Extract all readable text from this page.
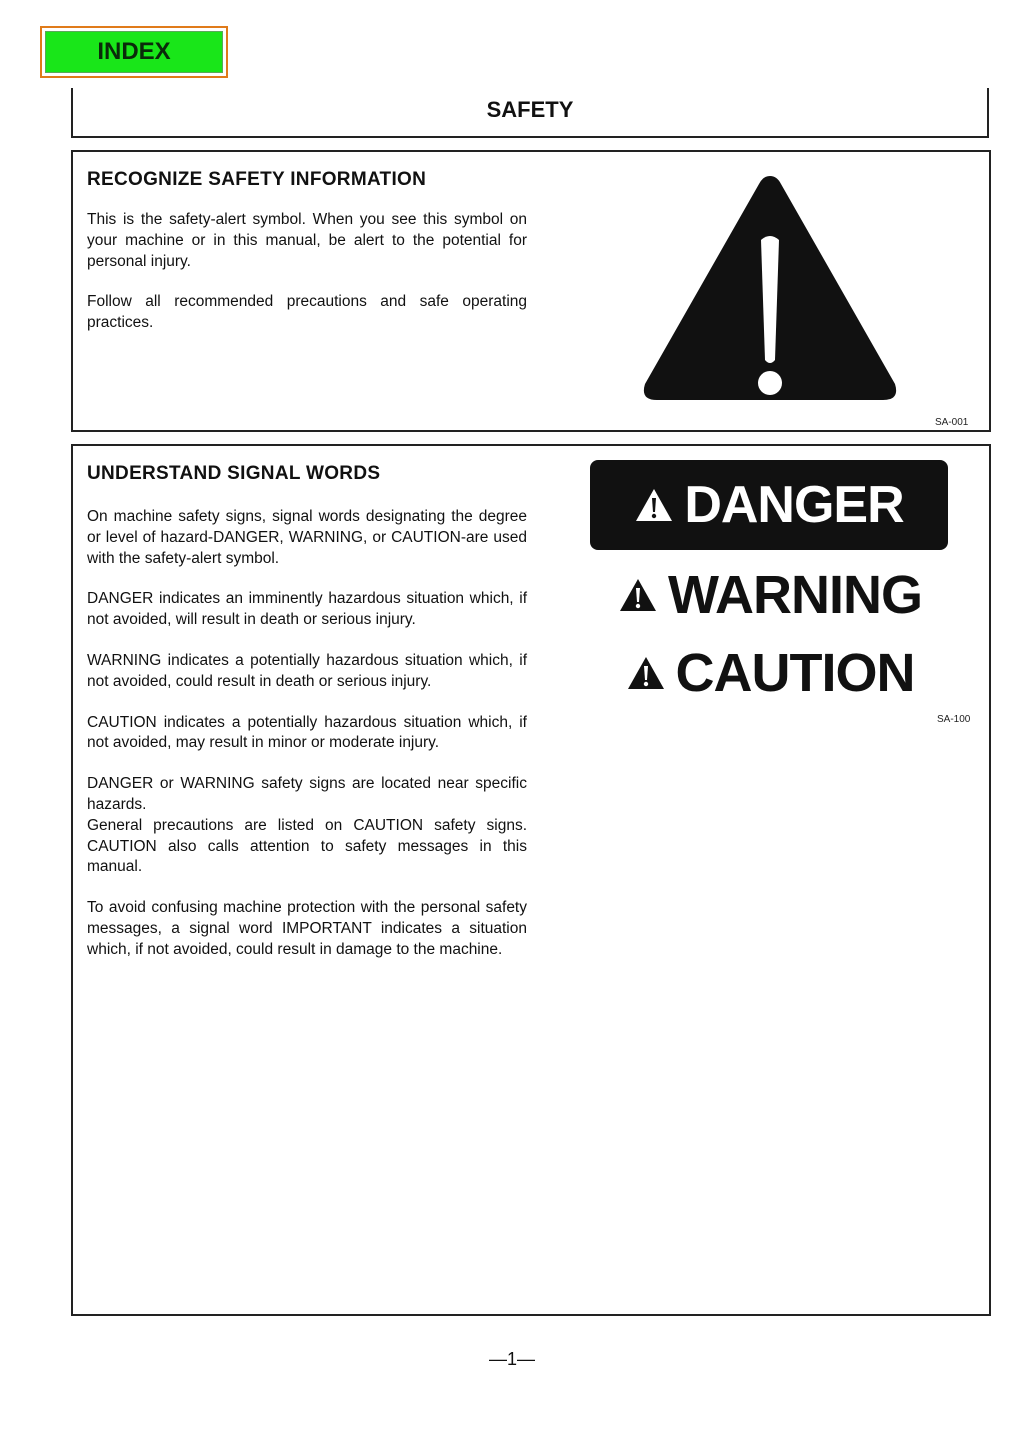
INDEX
SAFETY
RECOGNIZE SAFETY INFORMATION

This is the safety-alert symbol. When you see this symbol on your machine or in this manual, be alert to the potential for personal injury.

Follow all recommended precautions and safe operating practices.

SA-001
UNDERSTAND SIGNAL WORDS

On machine safety signs, signal words designating the degree or level of hazard-DANGER, WARNING, or CAUTION-are used with the safety-alert symbol.

DANGER indicates an imminently hazardous situation which, if not avoided, will result in death or serious injury.

WARNING indicates a potentially hazardous situation which, if not avoided, could result in death or serious injury.

CAUTION indicates a potentially hazardous situation which, if not avoided, may result in minor or moderate injury.

DANGER or WARNING safety signs are located near specific hazards.

General precautions are listed on CAUTION safety signs. CAUTION also calls attention to safety messages in this manual.

To avoid confusing machine protection with the personal safety messages, a signal word IMPORTANT indicates a situation which, if not avoided, could result in damage to the machine.

DANGER
WARNING
CAUTION
SA-100
—1—
